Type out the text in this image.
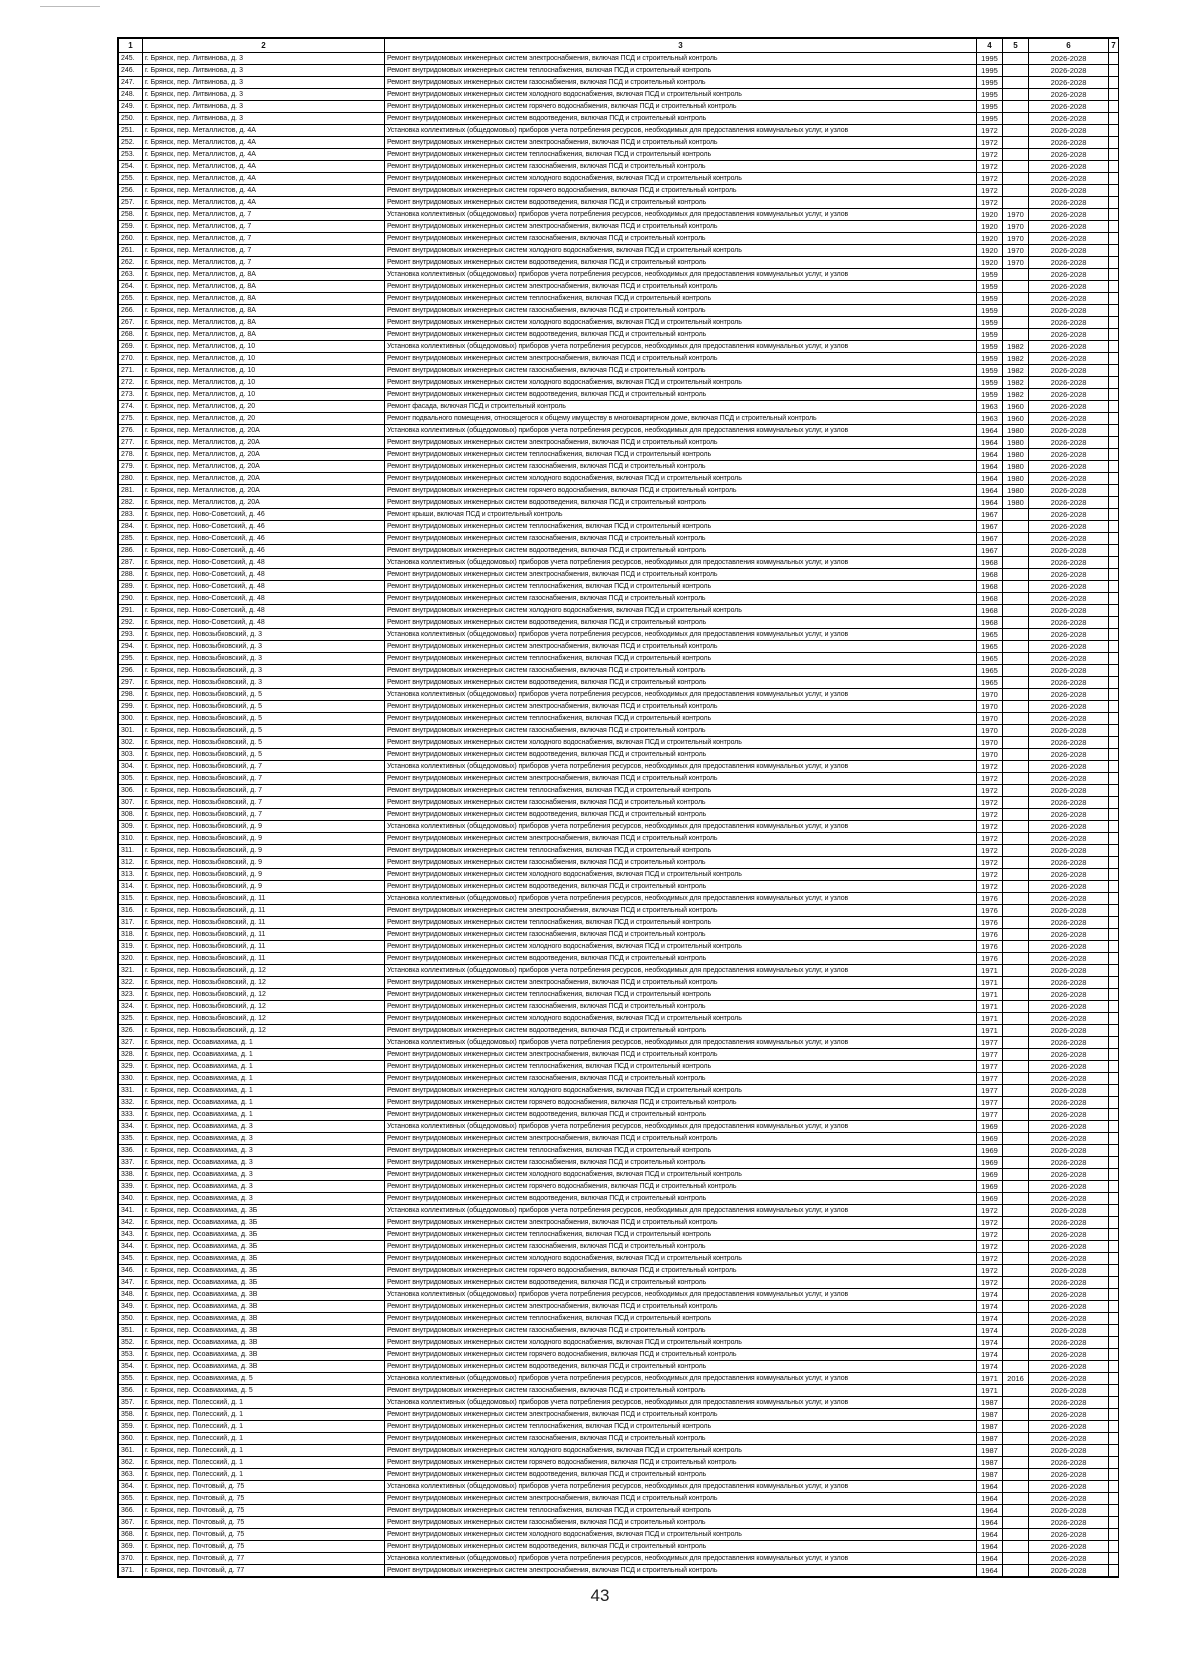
1	2	3	4	5	6	7
245.	г. Брянск, пер. Литвинова, д. 3	Ремонт внутридомовых инженерных систем электроснабжения, включая ПСД и строительный контроль	1995		2026-2028	
246.	г. Брянск, пер. Литвинова, д. 3	Ремонт внутридомовых инженерных систем теплоснабжения, включая ПСД и строительный контроль	1995		2026-2028	
247.	г. Брянск, пер. Литвинова, д. 3	Ремонт внутридомовых инженерных систем газоснабжения, включая ПСД и строительный контроль	1995		2026-2028	
248.	г. Брянск, пер. Литвинова, д. 3	Ремонт внутридомовых инженерных систем холодного водоснабжения, включая ПСД и строительный контроль	1995		2026-2028	
249.	г. Брянск, пер. Литвинова, д. 3	Ремонт внутридомовых инженерных систем горячего водоснабжения, включая ПСД и строительный контроль	1995		2026-2028	
250.	г. Брянск, пер. Литвинова, д. 3	Ремонт внутридомовых инженерных систем водоотведения, включая ПСД и строительный контроль	1995		2026-2028	
251.	г. Брянск, пер. Металлистов, д. 4А	Установка коллективных (общедомовых) приборов учета потребления ресурсов, необходимых для предоставления коммунальных услуг, и узлов	1972		2026-2028	
252.	г. Брянск, пер. Металлистов, д. 4А	Ремонт внутридомовых инженерных систем электроснабжения, включая ПСД и строительный контроль	1972		2026-2028	
253.	г. Брянск, пер. Металлистов, д. 4А	Ремонт внутридомовых инженерных систем теплоснабжения, включая ПСД и строительный контроль	1972		2026-2028	
254.	г. Брянск, пер. Металлистов, д. 4А	Ремонт внутридомовых инженерных систем газоснабжения, включая ПСД и строительный контроль	1972		2026-2028	
255.	г. Брянск, пер. Металлистов, д. 4А	Ремонт внутридомовых инженерных систем холодного водоснабжения, включая ПСД и строительный контроль	1972		2026-2028	
256.	г. Брянск, пер. Металлистов, д. 4А	Ремонт внутридомовых инженерных систем горячего водоснабжения, включая ПСД и строительный контроль	1972		2026-2028	
257.	г. Брянск, пер. Металлистов, д. 4А	Ремонт внутридомовых инженерных систем водоотведения, включая ПСД и строительный контроль	1972		2026-2028	
258.	г. Брянск, пер. Металлистов, д. 7	Установка коллективных (общедомовых) приборов учета потребления ресурсов, необходимых для предоставления коммунальных услуг, и узлов	1920	1970	2026-2028	
259.	г. Брянск, пер. Металлистов, д. 7	Ремонт внутридомовых инженерных систем электроснабжения, включая ПСД и строительный контроль	1920	1970	2026-2028	
260.	г. Брянск, пер. Металлистов, д. 7	Ремонт внутридомовых инженерных систем газоснабжения, включая ПСД и строительный контроль	1920	1970	2026-2028	
261.	г. Брянск, пер. Металлистов, д. 7	Ремонт внутридомовых инженерных систем холодного водоснабжения, включая ПСД и строительный контроль	1920	1970	2026-2028	
262.	г. Брянск, пер. Металлистов, д. 7	Ремонт внутридомовых инженерных систем водоотведения, включая ПСД и строительный контроль	1920	1970	2026-2028	
263.	г. Брянск, пер. Металлистов, д. 8А	Установка коллективных (общедомовых) приборов учета потребления ресурсов, необходимых для предоставления коммунальных услуг, и узлов	1959		2026-2028	
264.	г. Брянск, пер. Металлистов, д. 8А	Ремонт внутридомовых инженерных систем электроснабжения, включая ПСД и строительный контроль	1959		2026-2028	
265.	г. Брянск, пер. Металлистов, д. 8А	Ремонт внутридомовых инженерных систем теплоснабжения, включая ПСД и строительный контроль	1959		2026-2028	
266.	г. Брянск, пер. Металлистов, д. 8А	Ремонт внутридомовых инженерных систем газоснабжения, включая ПСД и строительный контроль	1959		2026-2028	
267.	г. Брянск, пер. Металлистов, д. 8А	Ремонт внутридомовых инженерных систем холодного водоснабжения, включая ПСД и строительный контроль	1959		2026-2028	
268.	г. Брянск, пер. Металлистов, д. 8А	Ремонт внутридомовых инженерных систем водоотведения, включая ПСД и строительный контроль	1959		2026-2028	
269.	г. Брянск, пер. Металлистов, д. 10	Установка коллективных (общедомовых) приборов учета потребления ресурсов, необходимых для предоставления коммунальных услуг, и узлов	1959	1982	2026-2028	
270.	г. Брянск, пер. Металлистов, д. 10	Ремонт внутридомовых инженерных систем электроснабжения, включая ПСД и строительный контроль	1959	1982	2026-2028	
271.	г. Брянск, пер. Металлистов, д. 10	Ремонт внутридомовых инженерных систем газоснабжения, включая ПСД и строительный контроль	1959	1982	2026-2028	
272.	г. Брянск, пер. Металлистов, д. 10	Ремонт внутридомовых инженерных систем холодного водоснабжения, включая ПСД и строительный контроль	1959	1982	2026-2028	
273.	г. Брянск, пер. Металлистов, д. 10	Ремонт внутридомовых инженерных систем водоотведения, включая ПСД и строительный контроль	1959	1982	2026-2028	
274.	г. Брянск, пер. Металлистов, д. 20	Ремонт фасада, включая ПСД и строительный контроль	1963	1960	2026-2028	
275.	г. Брянск, пер. Металлистов, д. 20	Ремонт подвального помещения, относящегося к общему имуществу в многоквартирном доме, включая ПСД и строительный контроль	1963	1960	2026-2028	
276.	г. Брянск, пер. Металлистов, д. 20А	Установка коллективных (общедомовых) приборов учета потребления ресурсов, необходимых для предоставления коммунальных услуг, и узлов	1964	1980	2026-2028	
277.	г. Брянск, пер. Металлистов, д. 20А	Ремонт внутридомовых инженерных систем электроснабжения, включая ПСД и строительный контроль	1964	1980	2026-2028	
278.	г. Брянск, пер. Металлистов, д. 20А	Ремонт внутридомовых инженерных систем теплоснабжения, включая ПСД и строительный контроль	1964	1980	2026-2028	
279.	г. Брянск, пер. Металлистов, д. 20А	Ремонт внутридомовых инженерных систем газоснабжения, включая ПСД и строительный контроль	1964	1980	2026-2028	
280.	г. Брянск, пер. Металлистов, д. 20А	Ремонт внутридомовых инженерных систем холодного водоснабжения, включая ПСД и строительный контроль	1964	1980	2026-2028	
281.	г. Брянск, пер. Металлистов, д. 20А	Ремонт внутридомовых инженерных систем горячего водоснабжения, включая ПСД и строительный контроль	1964	1980	2026-2028	
282.	г. Брянск, пер. Металлистов, д. 20А	Ремонт внутридомовых инженерных систем водоотведения, включая ПСД и строительный контроль	1964	1980	2026-2028	
283.	г. Брянск, пер. Ново-Советский, д. 46	Ремонт крыши, включая ПСД и строительный контроль	1967		2026-2028	
284.	г. Брянск, пер. Ново-Советский, д. 46	Ремонт внутридомовых инженерных систем теплоснабжения, включая ПСД и строительный контроль	1967		2026-2028	
285.	г. Брянск, пер. Ново-Советский, д. 46	Ремонт внутридомовых инженерных систем газоснабжения, включая ПСД и строительный контроль	1967		2026-2028	
286.	г. Брянск, пер. Ново-Советский, д. 46	Ремонт внутридомовых инженерных систем водоотведения, включая ПСД и строительный контроль	1967		2026-2028	
287.	г. Брянск, пер. Ново-Советский, д. 48	Установка коллективных (общедомовых) приборов учета потребления ресурсов, необходимых для предоставления коммунальных услуг, и узлов	1968		2026-2028	
288.	г. Брянск, пер. Ново-Советский, д. 48	Ремонт внутридомовых инженерных систем электроснабжения, включая ПСД и строительный контроль	1968		2026-2028	
289.	г. Брянск, пер. Ново-Советский, д. 48	Ремонт внутридомовых инженерных систем теплоснабжения, включая ПСД и строительный контроль	1968		2026-2028	
290.	г. Брянск, пер. Ново-Советский, д. 48	Ремонт внутридомовых инженерных систем газоснабжения, включая ПСД и строительный контроль	1968		2026-2028	
291.	г. Брянск, пер. Ново-Советский, д. 48	Ремонт внутридомовых инженерных систем холодного водоснабжения, включая ПСД и строительный контроль	1968		2026-2028	
292.	г. Брянск, пер. Ново-Советский, д. 48	Ремонт внутридомовых инженерных систем водоотведения, включая ПСД и строительный контроль	1968		2026-2028	
293.	г. Брянск, пер. Новозыбковский, д. 3	Установка коллективных (общедомовых) приборов учета потребления ресурсов, необходимых для предоставления коммунальных услуг, и узлов	1965		2026-2028	
294.	г. Брянск, пер. Новозыбковский, д. 3	Ремонт внутридомовых инженерных систем электроснабжения, включая ПСД и строительный контроль	1965		2026-2028	
295.	г. Брянск, пер. Новозыбковский, д. 3	Ремонт внутридомовых инженерных систем теплоснабжения, включая ПСД и строительный контроль	1965		2026-2028	
296.	г. Брянск, пер. Новозыбковский, д. 3	Ремонт внутридомовых инженерных систем газоснабжения, включая ПСД и строительный контроль	1965		2026-2028	
297.	г. Брянск, пер. Новозыбковский, д. 3	Ремонт внутридомовых инженерных систем водоотведения, включая ПСД и строительный контроль	1965		2026-2028	
298.	г. Брянск, пер. Новозыбковский, д. 5	Установка коллективных (общедомовых) приборов учета потребления ресурсов, необходимых для предоставления коммунальных услуг, и узлов	1970		2026-2028	
299.	г. Брянск, пер. Новозыбковский, д. 5	Ремонт внутридомовых инженерных систем электроснабжения, включая ПСД и строительный контроль	1970		2026-2028	
300.	г. Брянск, пер. Новозыбковский, д. 5	Ремонт внутридомовых инженерных систем теплоснабжения, включая ПСД и строительный контроль	1970		2026-2028	
301.	г. Брянск, пер. Новозыбковский, д. 5	Ремонт внутридомовых инженерных систем газоснабжения, включая ПСД и строительный контроль	1970		2026-2028	
302.	г. Брянск, пер. Новозыбковский, д. 5	Ремонт внутридомовых инженерных систем холодного водоснабжения, включая ПСД и строительный контроль	1970		2026-2028	
303.	г. Брянск, пер. Новозыбковский, д. 5	Ремонт внутридомовых инженерных систем водоотведения, включая ПСД и строительный контроль	1970		2026-2028	
304.	г. Брянск, пер. Новозыбковский, д. 7	Установка коллективных (общедомовых) приборов учета потребления ресурсов, необходимых для предоставления коммунальных услуг, и узлов	1972		2026-2028	
305.	г. Брянск, пер. Новозыбковский, д. 7	Ремонт внутридомовых инженерных систем электроснабжения, включая ПСД и строительный контроль	1972		2026-2028	
306.	г. Брянск, пер. Новозыбковский, д. 7	Ремонт внутридомовых инженерных систем теплоснабжения, включая ПСД и строительный контроль	1972		2026-2028	
307.	г. Брянск, пер. Новозыбковский, д. 7	Ремонт внутридомовых инженерных систем газоснабжения, включая ПСД и строительный контроль	1972		2026-2028	
308.	г. Брянск, пер. Новозыбковский, д. 7	Ремонт внутридомовых инженерных систем водоотведения, включая ПСД и строительный контроль	1972		2026-2028	
309.	г. Брянск, пер. Новозыбковский, д. 9	Установка коллективных (общедомовых) приборов учета потребления ресурсов, необходимых для предоставления коммунальных услуг, и узлов	1972		2026-2028	
310.	г. Брянск, пер. Новозыбковский, д. 9	Ремонт внутридомовых инженерных систем электроснабжения, включая ПСД и строительный контроль	1972		2026-2028	
311.	г. Брянск, пер. Новозыбковский, д. 9	Ремонт внутридомовых инженерных систем теплоснабжения, включая ПСД и строительный контроль	1972		2026-2028	
312.	г. Брянск, пер. Новозыбковский, д. 9	Ремонт внутридомовых инженерных систем газоснабжения, включая ПСД и строительный контроль	1972		2026-2028	
313.	г. Брянск, пер. Новозыбковский, д. 9	Ремонт внутридомовых инженерных систем холодного водоснабжения, включая ПСД и строительный контроль	1972		2026-2028	
314.	г. Брянск, пер. Новозыбковский, д. 9	Ремонт внутридомовых инженерных систем водоотведения, включая ПСД и строительный контроль	1972		2026-2028	
315.	г. Брянск, пер. Новозыбковский, д. 11	Установка коллективных (общедомовых) приборов учета потребления ресурсов, необходимых для предоставления коммунальных услуг, и узлов	1976		2026-2028	
316.	г. Брянск, пер. Новозыбковский, д. 11	Ремонт внутридомовых инженерных систем электроснабжения, включая ПСД и строительный контроль	1976		2026-2028	
317.	г. Брянск, пер. Новозыбковский, д. 11	Ремонт внутридомовых инженерных систем теплоснабжения, включая ПСД и строительный контроль	1976		2026-2028	
318.	г. Брянск, пер. Новозыбковский, д. 11	Ремонт внутридомовых инженерных систем газоснабжения, включая ПСД и строительный контроль	1976		2026-2028	
319.	г. Брянск, пер. Новозыбковский, д. 11	Ремонт внутридомовых инженерных систем холодного водоснабжения, включая ПСД и строительный контроль	1976		2026-2028	
320.	г. Брянск, пер. Новозыбковский, д. 11	Ремонт внутридомовых инженерных систем водоотведения, включая ПСД и строительный контроль	1976		2026-2028	
321.	г. Брянск, пер. Новозыбковский, д. 12	Установка коллективных (общедомовых) приборов учета потребления ресурсов, необходимых для предоставления коммунальных услуг, и узлов	1971		2026-2028	
322.	г. Брянск, пер. Новозыбковский, д. 12	Ремонт внутридомовых инженерных систем электроснабжения, включая ПСД и строительный контроль	1971		2026-2028	
323.	г. Брянск, пер. Новозыбковский, д. 12	Ремонт внутридомовых инженерных систем теплоснабжения, включая ПСД и строительный контроль	1971		2026-2028	
324.	г. Брянск, пер. Новозыбковский, д. 12	Ремонт внутридомовых инженерных систем газоснабжения, включая ПСД и строительный контроль	1971		2026-2028	
325.	г. Брянск, пер. Новозыбковский, д. 12	Ремонт внутридомовых инженерных систем холодного водоснабжения, включая ПСД и строительный контроль	1971		2026-2028	
326.	г. Брянск, пер. Новозыбковский, д. 12	Ремонт внутридомовых инженерных систем водоотведения, включая ПСД и строительный контроль	1971		2026-2028	
327.	г. Брянск, пер. Осоавиахима, д. 1	Установка коллективных (общедомовых) приборов учета потребления ресурсов, необходимых для предоставления коммунальных услуг, и узлов	1977		2026-2028	
328.	г. Брянск, пер. Осоавиахима, д. 1	Ремонт внутридомовых инженерных систем электроснабжения, включая ПСД и строительный контроль	1977		2026-2028	
329.	г. Брянск, пер. Осоавиахима, д. 1	Ремонт внутридомовых инженерных систем теплоснабжения, включая ПСД и строительный контроль	1977		2026-2028	
330.	г. Брянск, пер. Осоавиахима, д. 1	Ремонт внутридомовых инженерных систем газоснабжения, включая ПСД и строительный контроль	1977		2026-2028	
331.	г. Брянск, пер. Осоавиахима, д. 1	Ремонт внутридомовых инженерных систем холодного водоснабжения, включая ПСД и строительный контроль	1977		2026-2028	
332.	г. Брянск, пер. Осоавиахима, д. 1	Ремонт внутридомовых инженерных систем горячего водоснабжения, включая ПСД и строительный контроль	1977		2026-2028	
333.	г. Брянск, пер. Осоавиахима, д. 1	Ремонт внутридомовых инженерных систем водоотведения, включая ПСД и строительный контроль	1977		2026-2028	
334.	г. Брянск, пер. Осоавиахима, д. 3	Установка коллективных (общедомовых) приборов учета потребления ресурсов, необходимых для предоставления коммунальных услуг, и узлов	1969		2026-2028	
335.	г. Брянск, пер. Осоавиахима, д. 3	Ремонт внутридомовых инженерных систем электроснабжения, включая ПСД и строительный контроль	1969		2026-2028	
336.	г. Брянск, пер. Осоавиахима, д. 3	Ремонт внутридомовых инженерных систем теплоснабжения, включая ПСД и строительный контроль	1969		2026-2028	
337.	г. Брянск, пер. Осоавиахима, д. 3	Ремонт внутридомовых инженерных систем газоснабжения, включая ПСД и строительный контроль	1969		2026-2028	
338.	г. Брянск, пер. Осоавиахима, д. 3	Ремонт внутридомовых инженерных систем холодного водоснабжения, включая ПСД и строительный контроль	1969		2026-2028	
339.	г. Брянск, пер. Осоавиахима, д. 3	Ремонт внутридомовых инженерных систем горячего водоснабжения, включая ПСД и строительный контроль	1969		2026-2028	
340.	г. Брянск, пер. Осоавиахима, д. 3	Ремонт внутридомовых инженерных систем водоотведения, включая ПСД и строительный контроль	1969		2026-2028	
341.	г. Брянск, пер. Осоавиахима, д. 3Б	Установка коллективных (общедомовых) приборов учета потребления ресурсов, необходимых для предоставления коммунальных услуг, и узлов	1972		2026-2028	
342.	г. Брянск, пер. Осоавиахима, д. 3Б	Ремонт внутридомовых инженерных систем электроснабжения, включая ПСД и строительный контроль	1972		2026-2028	
343.	г. Брянск, пер. Осоавиахима, д. 3Б	Ремонт внутридомовых инженерных систем теплоснабжения, включая ПСД и строительный контроль	1972		2026-2028	
344.	г. Брянск, пер. Осоавиахима, д. 3Б	Ремонт внутридомовых инженерных систем газоснабжения, включая ПСД и строительный контроль	1972		2026-2028	
345.	г. Брянск, пер. Осоавиахима, д. 3Б	Ремонт внутридомовых инженерных систем холодного водоснабжения, включая ПСД и строительный контроль	1972		2026-2028	
346.	г. Брянск, пер. Осоавиахима, д. 3Б	Ремонт внутридомовых инженерных систем горячего водоснабжения, включая ПСД и строительный контроль	1972		2026-2028	
347.	г. Брянск, пер. Осоавиахима, д. 3Б	Ремонт внутридомовых инженерных систем водоотведения, включая ПСД и строительный контроль	1972		2026-2028	
348.	г. Брянск, пер. Осоавиахима, д. 3В	Установка коллективных (общедомовых) приборов учета потребления ресурсов, необходимых для предоставления коммунальных услуг, и узлов	1974		2026-2028	
349.	г. Брянск, пер. Осоавиахима, д. 3В	Ремонт внутридомовых инженерных систем электроснабжения, включая ПСД и строительный контроль	1974		2026-2028	
350.	г. Брянск, пер. Осоавиахима, д. 3В	Ремонт внутридомовых инженерных систем теплоснабжения, включая ПСД и строительный контроль	1974		2026-2028	
351.	г. Брянск, пер. Осоавиахима, д. 3В	Ремонт внутридомовых инженерных систем газоснабжения, включая ПСД и строительный контроль	1974		2026-2028	
352.	г. Брянск, пер. Осоавиахима, д. 3В	Ремонт внутридомовых инженерных систем холодного водоснабжения, включая ПСД и строительный контроль	1974		2026-2028	
353.	г. Брянск, пер. Осоавиахима, д. 3В	Ремонт внутридомовых инженерных систем горячего водоснабжения, включая ПСД и строительный контроль	1974		2026-2028	
354.	г. Брянск, пер. Осоавиахима, д. 3В	Ремонт внутридомовых инженерных систем водоотведения, включая ПСД и строительный контроль	1974		2026-2028	
355.	г. Брянск, пер. Осоавиахима, д. 5	Установка коллективных (общедомовых) приборов учета потребления ресурсов, необходимых для предоставления коммунальных услуг, и узлов	1971	2016	2026-2028	
356.	г. Брянск, пер. Осоавиахима, д. 5	Ремонт внутридомовых инженерных систем газоснабжения, включая ПСД и строительный контроль	1971		2026-2028	
357.	г. Брянск, пер. Полесский, д. 1	Установка коллективных (общедомовых) приборов учета потребления ресурсов, необходимых для предоставления коммунальных услуг, и узлов	1987		2026-2028	
358.	г. Брянск, пер. Полесский, д. 1	Ремонт внутридомовых инженерных систем электроснабжения, включая ПСД и строительный контроль	1987		2026-2028	
359.	г. Брянск, пер. Полесский, д. 1	Ремонт внутридомовых инженерных систем теплоснабжения, включая ПСД и строительный контроль	1987		2026-2028	
360.	г. Брянск, пер. Полесский, д. 1	Ремонт внутридомовых инженерных систем газоснабжения, включая ПСД и строительный контроль	1987		2026-2028	
361.	г. Брянск, пер. Полесский, д. 1	Ремонт внутридомовых инженерных систем холодного водоснабжения, включая ПСД и строительный контроль	1987		2026-2028	
362.	г. Брянск, пер. Полесский, д. 1	Ремонт внутридомовых инженерных систем горячего водоснабжения, включая ПСД и строительный контроль	1987		2026-2028	
363.	г. Брянск, пер. Полесский, д. 1	Ремонт внутридомовых инженерных систем водоотведения, включая ПСД и строительный контроль	1987		2026-2028	
364.	г. Брянск, пер. Почтовый, д. 75	Установка коллективных (общедомовых) приборов учета потребления ресурсов, необходимых для предоставления коммунальных услуг, и узлов	1964		2026-2028	
365.	г. Брянск, пер. Почтовый, д. 75	Ремонт внутридомовых инженерных систем электроснабжения, включая ПСД и строительный контроль	1964		2026-2028	
366.	г. Брянск, пер. Почтовый, д. 75	Ремонт внутридомовых инженерных систем теплоснабжения, включая ПСД и строительный контроль	1964		2026-2028	
367.	г. Брянск, пер. Почтовый, д. 75	Ремонт внутридомовых инженерных систем газоснабжения, включая ПСД и строительный контроль	1964		2026-2028	
368.	г. Брянск, пер. Почтовый, д. 75	Ремонт внутридомовых инженерных систем холодного водоснабжения, включая ПСД и строительный контроль	1964		2026-2028	
369.	г. Брянск, пер. Почтовый, д. 75	Ремонт внутридомовых инженерных систем водоотведения, включая ПСД и строительный контроль	1964		2026-2028	
370.	г. Брянск, пер. Почтовый, д. 77	Установка коллективных (общедомовых) приборов учета потребления ресурсов, необходимых для предоставления коммунальных услуг, и узлов	1964		2026-2028	
371.	г. Брянск, пер. Почтовый, д. 77	Ремонт внутридомовых инженерных систем электроснабжения, включая ПСД и строительный контроль	1964		2026-2028	
43
